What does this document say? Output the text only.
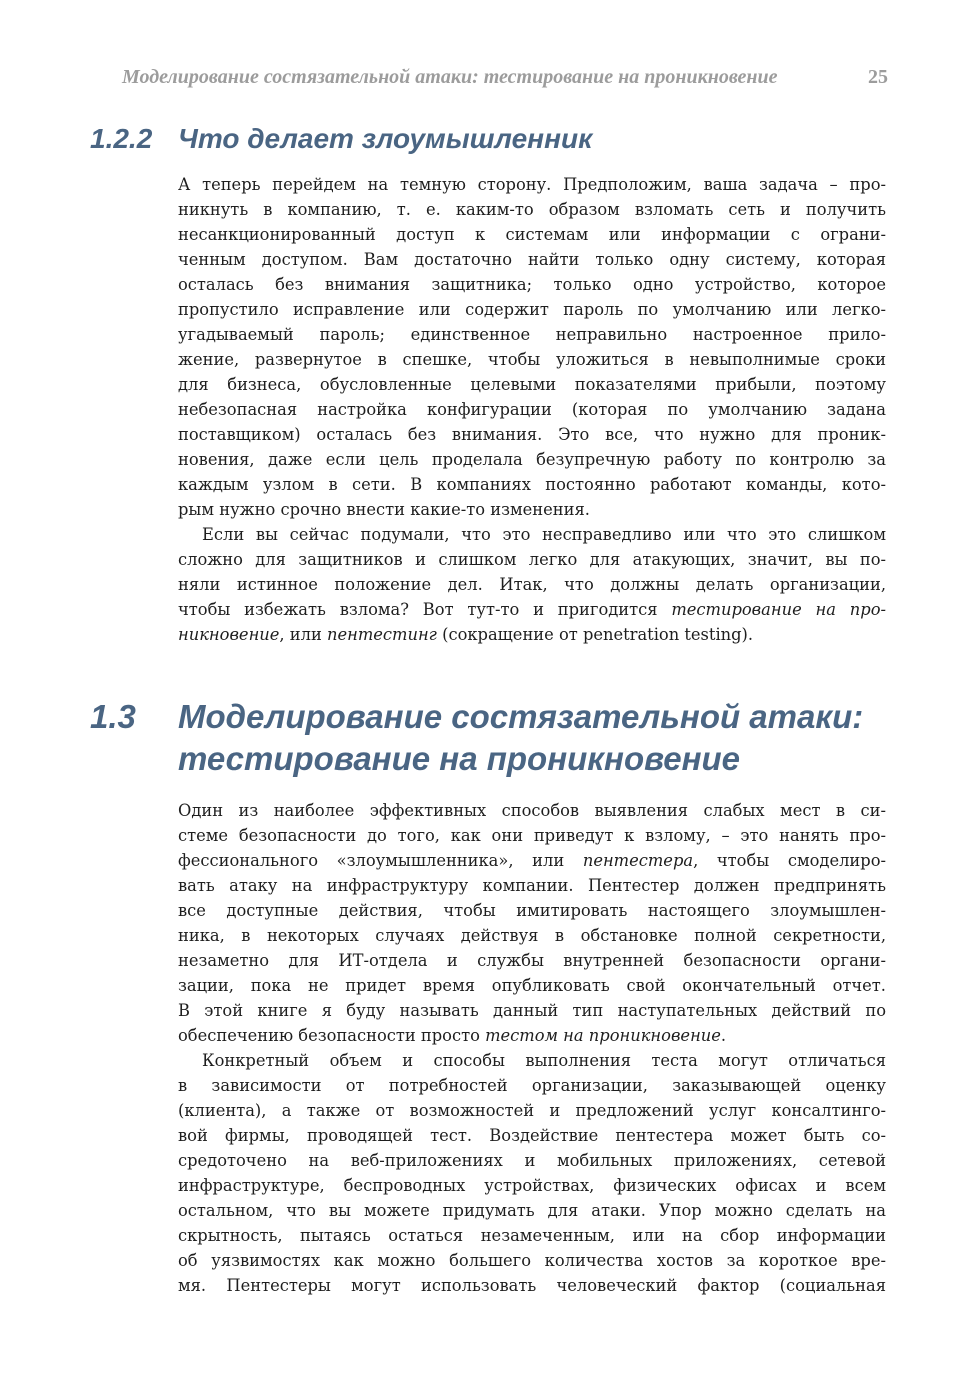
Моделирование состязательной атаки: тестирование на проникновение	25
1.2.2 Что делает злоумышленник
А теперь перейдем на темную сторону. Предположим, ваша задача – про-
никнуть в компанию, т. е. каким-то образом взломать сеть и получить
несанкционированный доступ к системам или информации с ограни-
ченным доступом. Вам достаточно найти только одну систему, которая
осталась без внимания защитника; только одно устройство, которое
пропустило исправление или содержит пароль по умолчанию или легко-
угадываемый пароль; единственное неправильно настроенное прило-
жение, развернутое в спешке, чтобы уложиться в невыполнимые сроки
для бизнеса, обусловленные целевыми показателями прибыли, поэтому
небезопасная настройка конфигурации (которая по умолчанию задана
поставщиком) осталась без внимания. Это все, что нужно для проник-
новения, даже если цель проделала безупречную работу по контролю за
каждым узлом в сети. В компаниях постоянно работают команды, кото-
рым нужно срочно внести какие-то изменения.
Если вы сейчас подумали, что это несправедливо или что это слишком
сложно для защитников и слишком легко для атакующих, значит, вы по-
няли истинное положение дел. Итак, что должны делать организации,
чтобы избежать взлома? Вот тут-то и пригодится тестирование на про-
никновение, или пентестинг (сокращение от penetration testing).
1.3 Моделирование состязательной атаки:
тестирование на проникновение
Один из наиболее эффективных способов выявления слабых мест в си-
стеме безопасности до того, как они приведут к взлому, – это нанять про-
фессионального «злоумышленника», или пентестера, чтобы смоделиро-
вать атаку на инфраструктуру компании. Пентестер должен предпринять
все доступные действия, чтобы имитировать настоящего злоумышлен-
ника, в некоторых случаях действуя в обстановке полной секретности,
незаметно для ИТ-отдела и службы внутренней безопасности органи-
зации, пока не придет время опубликовать свой окончательный отчет.
В этой книге я буду называть данный тип наступательных действий по
обеспечению безопасности просто тестом на проникновение.
Конкретный объем и способы выполнения теста могут отличаться
в зависимости от потребностей организации, заказывающей оценку
(клиента), а также от возможностей и предложений услуг консалтинго-
вой фирмы, проводящей тест. Воздействие пентестера может быть со-
средоточено на веб-приложениях и мобильных приложениях, сетевой
инфраструктуре, беспроводных устройствах, физических офисах и всем
остальном, что вы можете придумать для атаки. Упор можно сделать на
скрытность, пытаясь остаться незамеченным, или на сбор информации
об уязвимостях как можно большего количества хостов за короткое вре-
мя. Пентестеры могут использовать человеческий фактор (социальная
